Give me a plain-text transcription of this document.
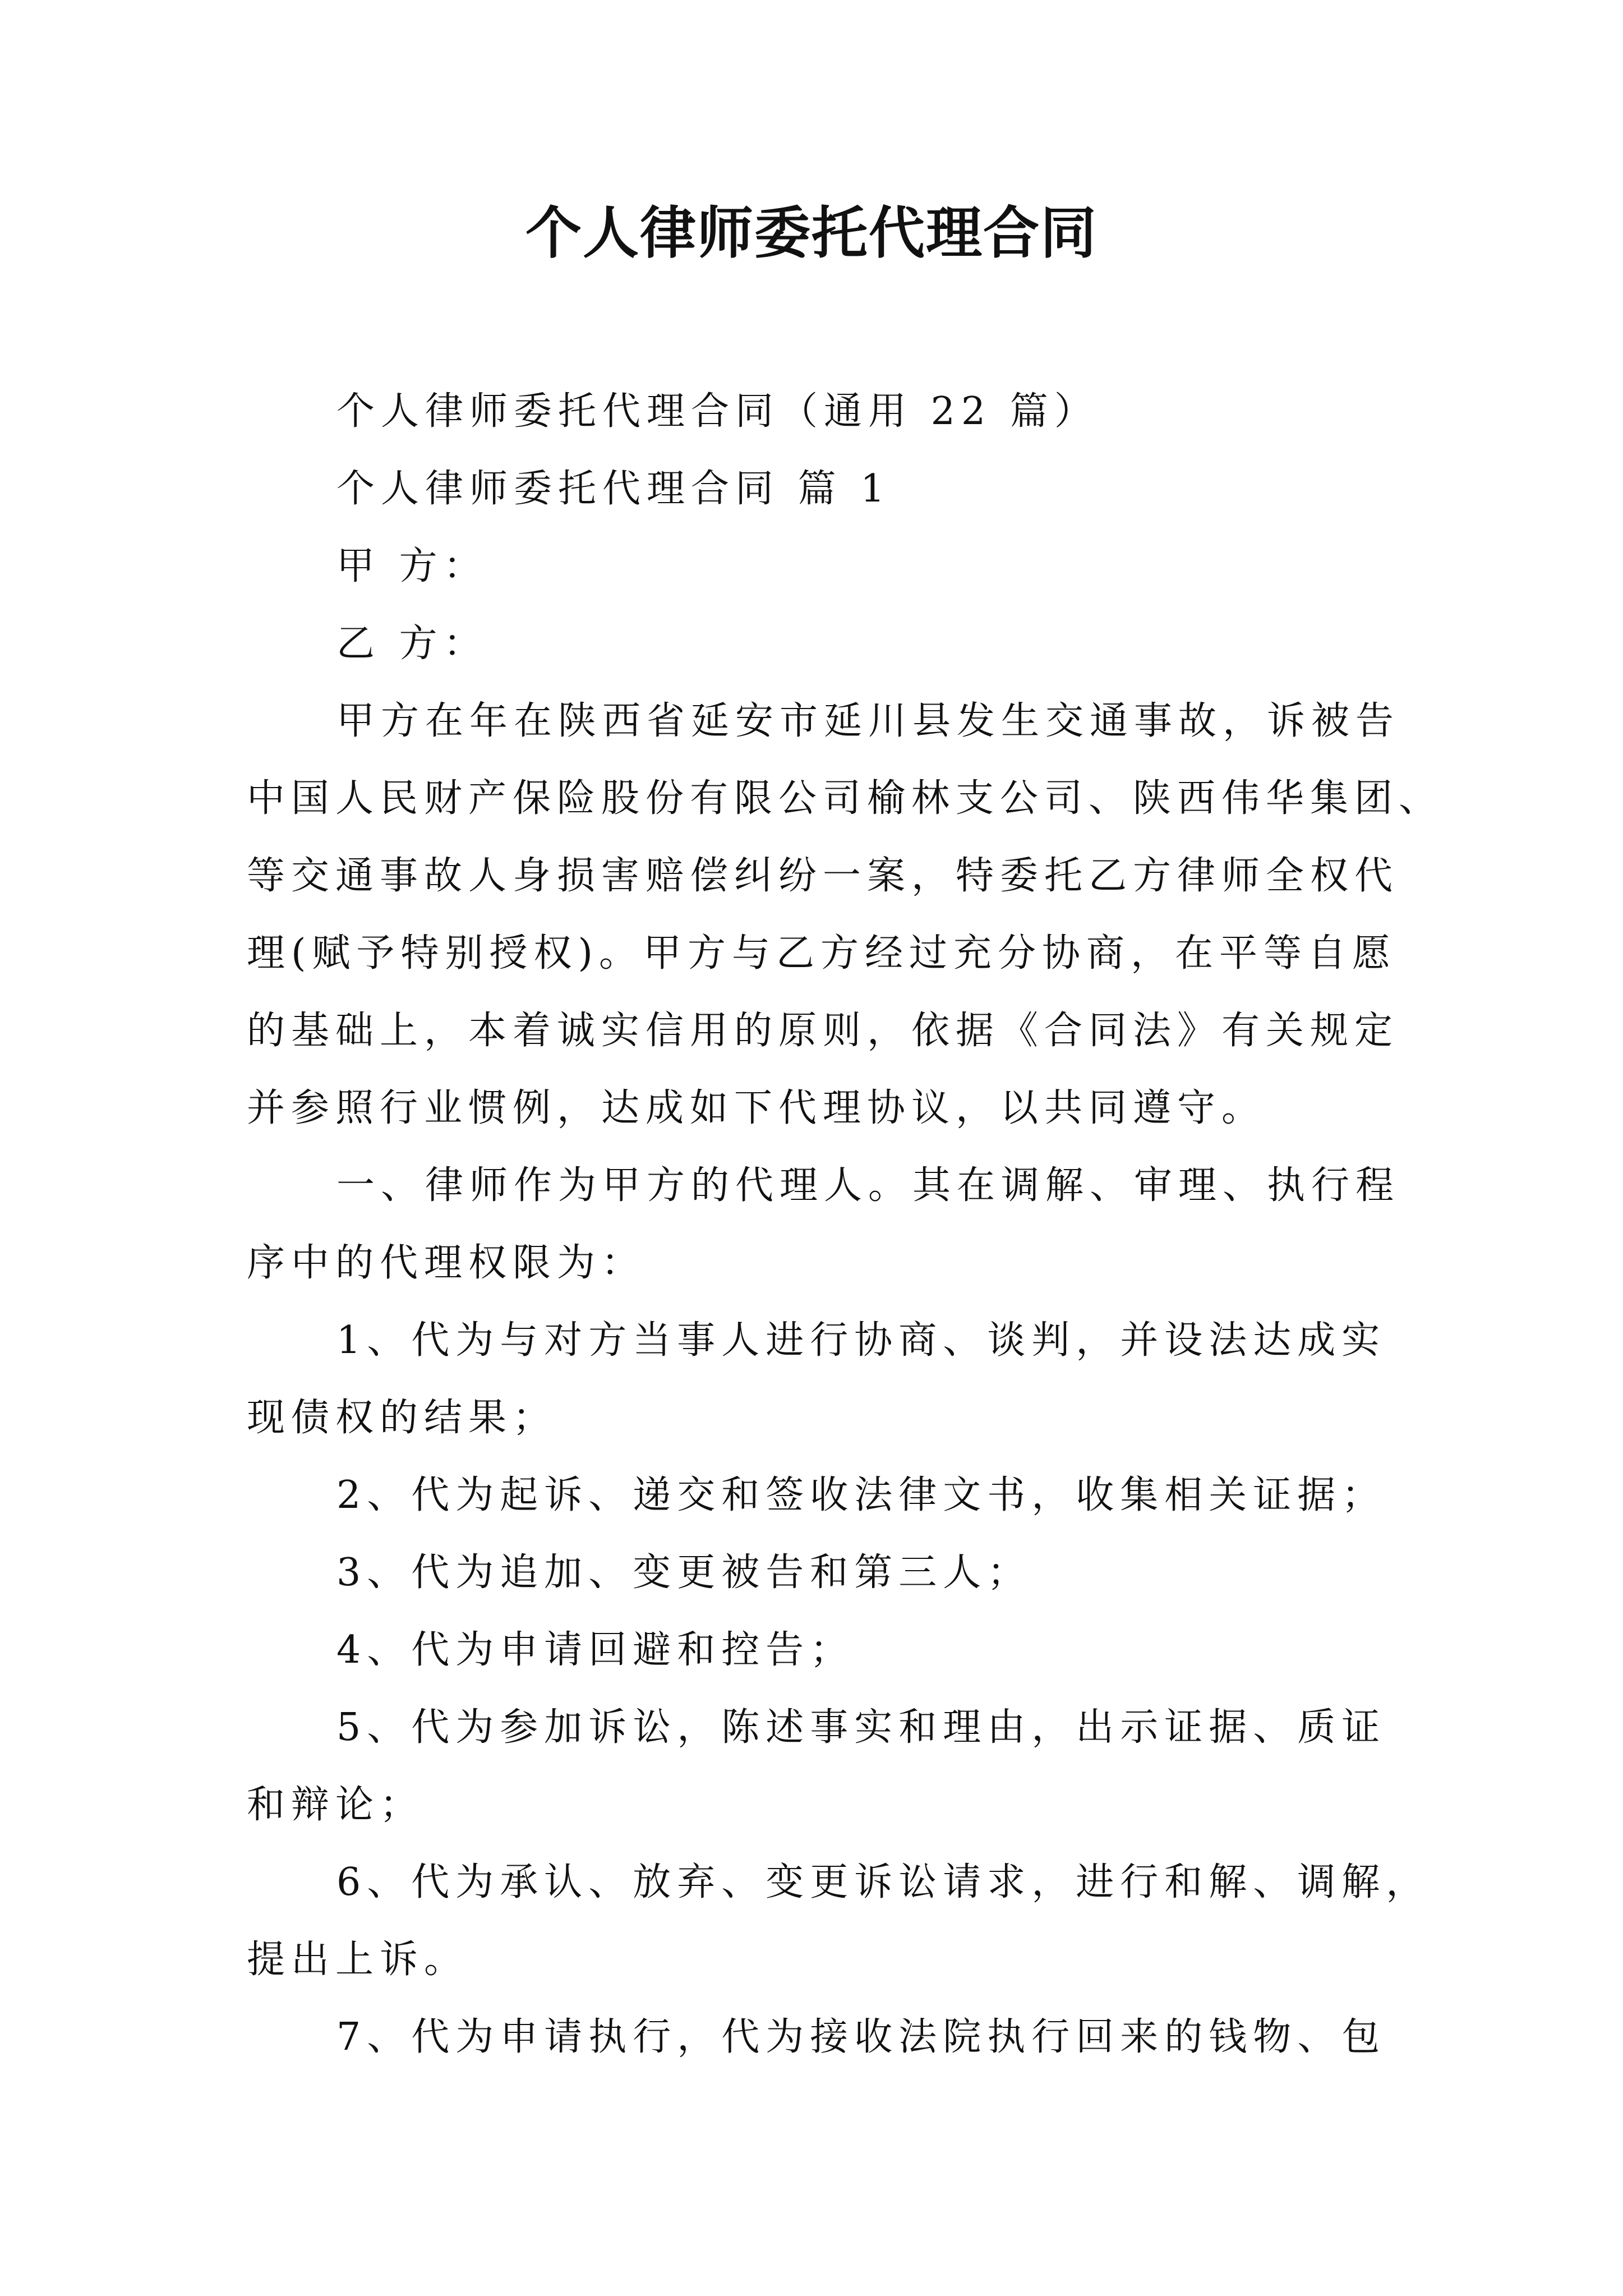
个人律师委托代理合同

个人律师委托代理合同（通用 22 篇）

个人律师委托代理合同 篇 1

甲 方：

乙 方：

甲方在年在陕西省延安市延川县发生交通事故，诉被告

中国人民财产保险股份有限公司榆林支公司、陕西伟华集团、

等交通事故人身损害赔偿纠纷一案，特委托乙方律师全权代

理(赋予特别授权)。甲方与乙方经过充分协商，在平等自愿

的基础上，本着诚实信用的原则，依据《合同法》有关规定

并参照行业惯例，达成如下代理协议，以共同遵守。

一、律师作为甲方的代理人。其在调解、审理、执行程

序中的代理权限为：

1、代为与对方当事人进行协商、谈判，并设法达成实

现债权的结果；

2、代为起诉、递交和签收法律文书，收集相关证据；

3、代为追加、变更被告和第三人；

4、代为申请回避和控告；

5、代为参加诉讼，陈述事实和理由，出示证据、质证

和辩论；

6、代为承认、放弃、变更诉讼请求，进行和解、调解，

提出上诉。

7、代为申请执行，代为接收法院执行回来的钱物、包
